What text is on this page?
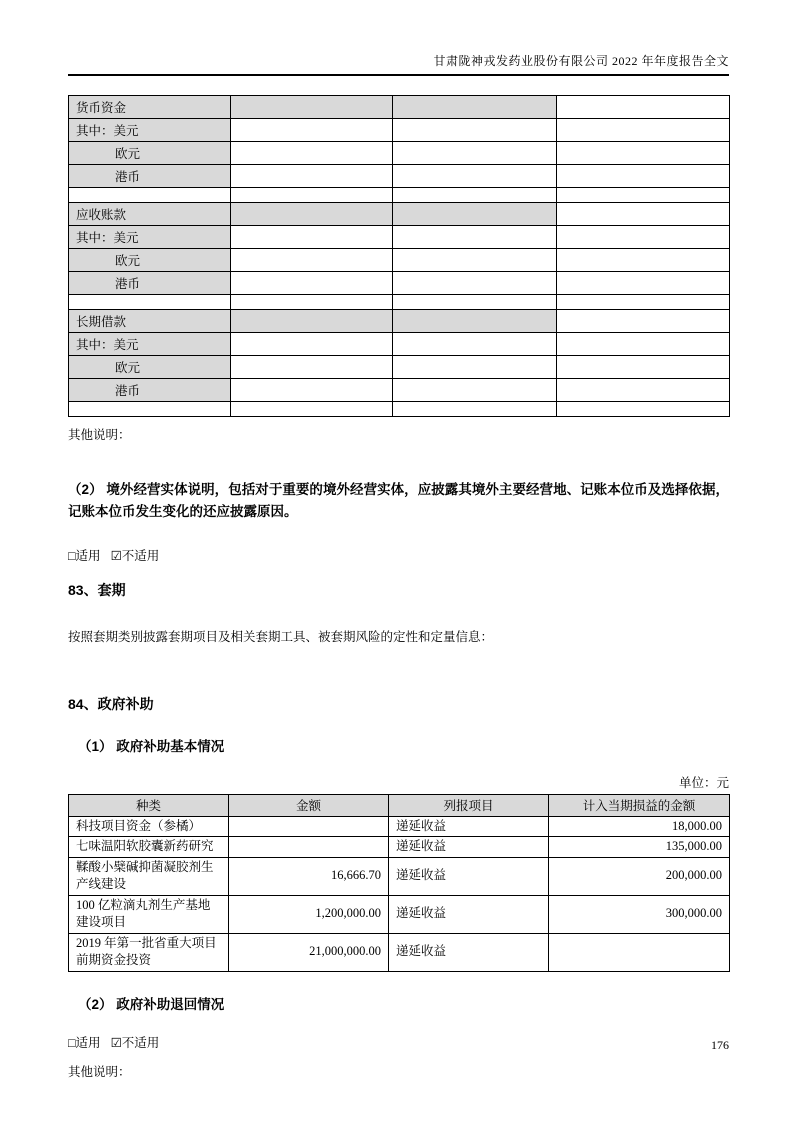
甘肃陇神戎发药业股份有限公司 2022 年年度报告全文
货币资金			
其中：美元			
欧元			
港币			

应收账款			
其中：美元			
欧元			
港币			

长期借款			
其中：美元			
欧元			
港币			

其他说明：
（2） 境外经营实体说明，包括对于重要的境外经营实体，应披露其境外主要经营地、记账本位币及选择依据，记账本位币发生变化的还应披露原因。
□适用 ☑不适用
83、套期
按照套期类别披露套期项目及相关套期工具、被套期风险的定性和定量信息：
84、政府补助
（1） 政府补助基本情况
单位：元
种类	金额	列报项目	计入当期损益的金额
科技项目资金（参橘）		递延收益	18,000.00
七味温阳软胶囊新药研究		递延收益	135,000.00
鞣酸小檗碱抑菌凝胶剂生产线建设	16,666.70	递延收益	200,000.00
100 亿粒滴丸剂生产基地建设项目	1,200,000.00	递延收益	300,000.00
2019 年第一批省重大项目前期资金投资	21,000,000.00	递延收益	
（2） 政府补助退回情况
□适用 ☑不适用
其他说明：
176
